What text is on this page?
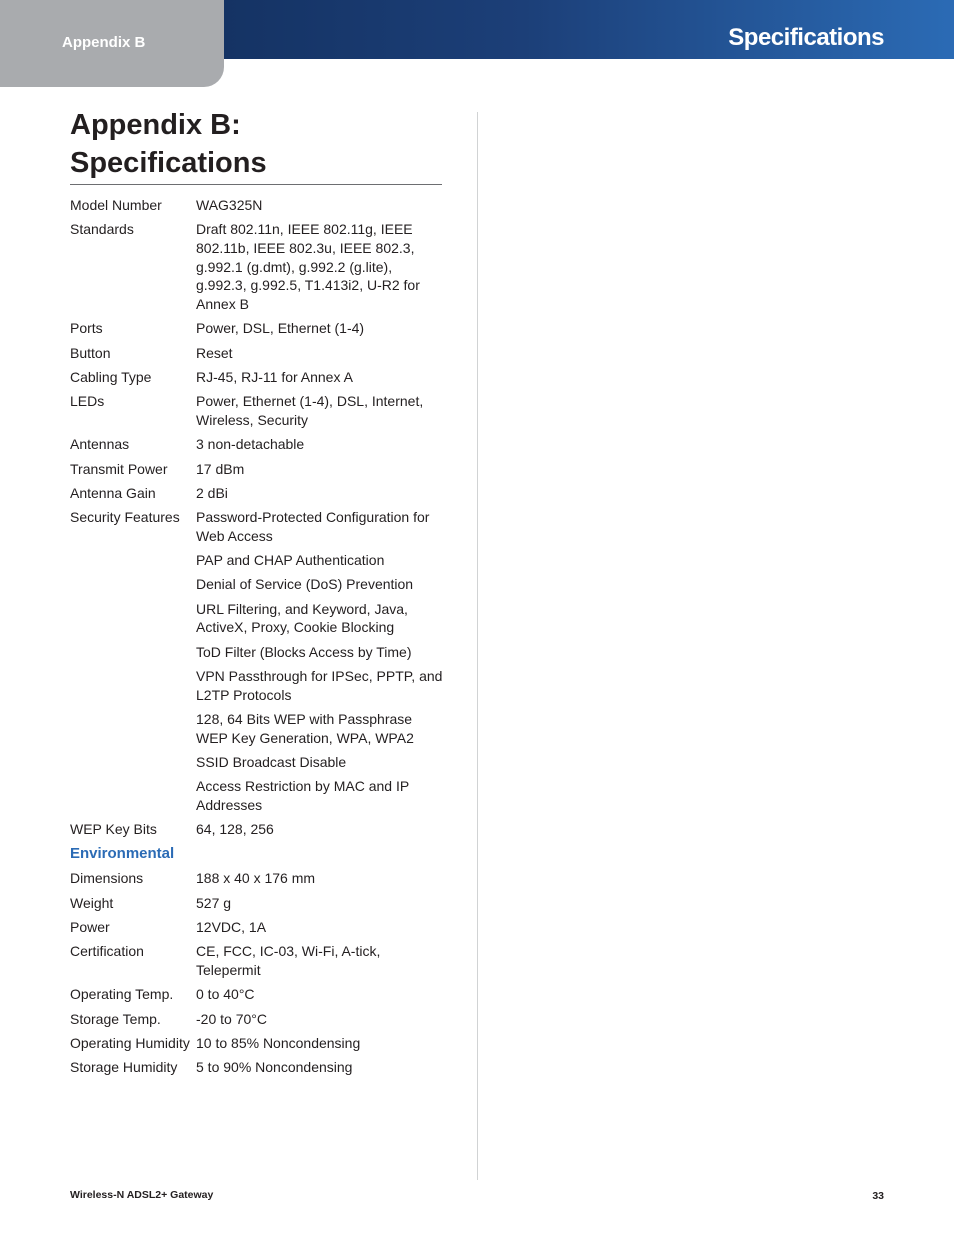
Appendix B	Specifications
Appendix B:
Specifications
Model Number	WAG325N
Standards	Draft 802.11n, IEEE 802.11g, IEEE 802.11b, IEEE 802.3u, IEEE 802.3, g.992.1 (g.dmt), g.992.2 (g.lite), g.992.3, g.992.5, T1.413i2, U-R2 for Annex B
Ports	Power, DSL, Ethernet (1-4)
Button	Reset
Cabling Type	RJ-45, RJ-11 for Annex A
LEDs	Power, Ethernet (1-4), DSL, Internet, Wireless, Security
Antennas	3 non-detachable
Transmit Power	17 dBm
Antenna Gain	2 dBi
Security Features	Password-Protected Configuration for Web Access
PAP and CHAP Authentication
Denial of Service (DoS) Prevention
URL Filtering, and Keyword, Java, ActiveX, Proxy, Cookie Blocking
ToD Filter (Blocks Access by Time)
VPN Passthrough for IPSec, PPTP, and L2TP Protocols
128, 64 Bits WEP with Passphrase WEP Key Generation, WPA, WPA2
SSID Broadcast Disable
Access Restriction by MAC and IP Addresses
WEP Key Bits	64, 128, 256
Environmental
Dimensions	188 x 40 x 176 mm
Weight	527 g
Power	12VDC, 1A
Certification	CE, FCC, IC-03, Wi-Fi, A-tick, Telepermit
Operating Temp.	0 to 40°C
Storage Temp.	-20 to 70°C
Operating Humidity 10 to 85% Noncondensing
Storage Humidity	5 to 90% Noncondensing
Wireless-N ADSL2+ Gateway	33
